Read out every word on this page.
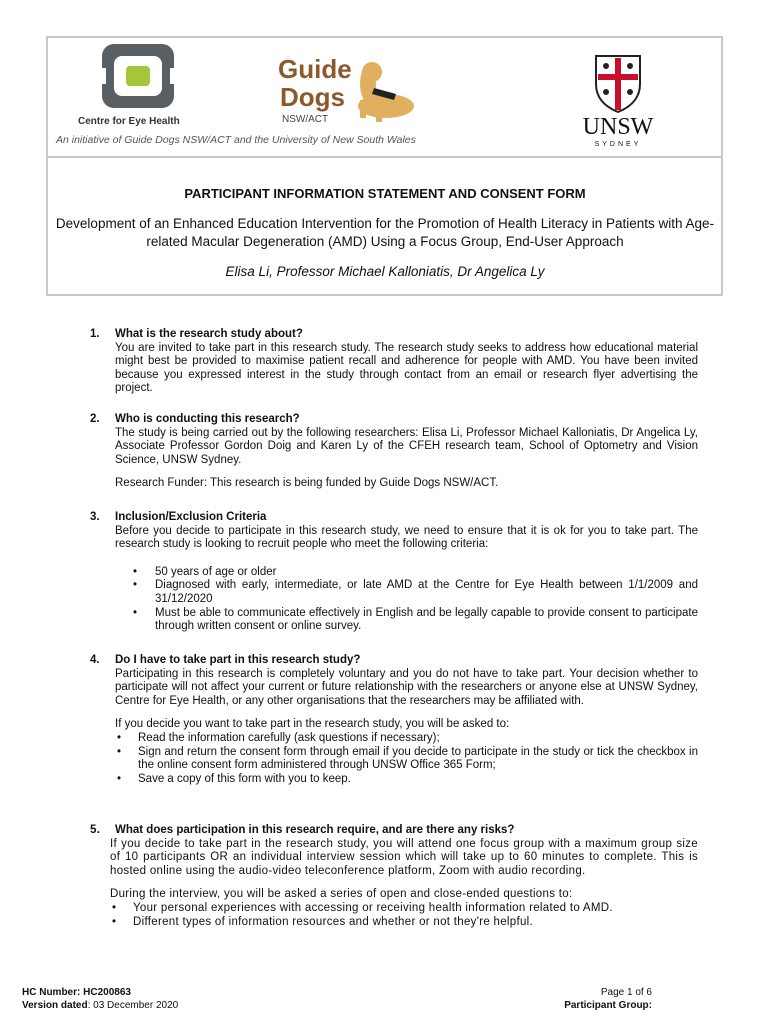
Centre for Eye Health
Guide
Dogs
NSW/ACT	UNSW
SYDNEY
An initiative of Guide Dogs NSW/ACT and the University of New South Wales
PARTICIPANT INFORMATION STATEMENT AND CONSENT FORM
Development of an Enhanced Education Intervention for the Promotion of Health Literacy in Patients with Age-related Macular Degeneration (AMD) Using a Focus Group, End-User Approach
Elisa Li, Professor Michael Kalloniatis, Dr Angelica Ly
1. What is the research study about?

You are invited to take part in this research study. The research study seeks to address how educational material might best be provided to maximise patient recall and adherence for people with AMD. You have been invited because you expressed interest in the study through contact from an email or research flyer advertising the project.

2. Who is conducting this research?

The study is being carried out by the following researchers: Elisa Li, Professor Michael Kalloniatis, Dr Angelica Ly, Associate Professor Gordon Doig and Karen Ly of the CFEH research team, School of Optometry and Vision Science, UNSW Sydney.

Research Funder: This research is being funded by Guide Dogs NSW/ACT.

3. Inclusion/Exclusion Criteria

Before you decide to participate in this research study, we need to ensure that it is ok for you to take part. The research study is looking to recruit people who meet the following criteria:

• 50 years of age or older
• Diagnosed with early, intermediate, or late AMD at the Centre for Eye Health between 1/1/2009 and 31/12/2020
• Must be able to communicate effectively in English and be legally capable to provide consent to participate through written consent or online survey.
4. Do I have to take part in this research study?

Participating in this research is completely voluntary and you do not have to take part. Your decision whether to participate will not affect your current or future relationship with the researchers or anyone else at UNSW Sydney, Centre for Eye Health, or any other organisations that the researchers may be affiliated with.

If you decide you want to take part in the research study, you will be asked to:

• Read the information carefully (ask questions if necessary);
• Sign and return the consent form through email if you decide to participate in the study or tick the checkbox in the online consent form administered through UNSW Office 365 Form;
• Save a copy of this form with you to keep.
5. What does participation in this research require, and are there any risks?

If you decide to take part in the research study, you will attend one focus group with a maximum group size of 10 participants OR an individual interview session which will take up to 60 minutes to complete. This is hosted online using the audio-video teleconference platform, Zoom with audio recording.

During the interview, you will be asked a series of open and close-ended questions to:

• Your personal experiences with accessing or receiving health information related to AMD.
• Different types of information resources and whether or not they're helpful.
HC Number: HC200863
Version dated: 03 December 2020
Page 1 of 6
Participant Group:
